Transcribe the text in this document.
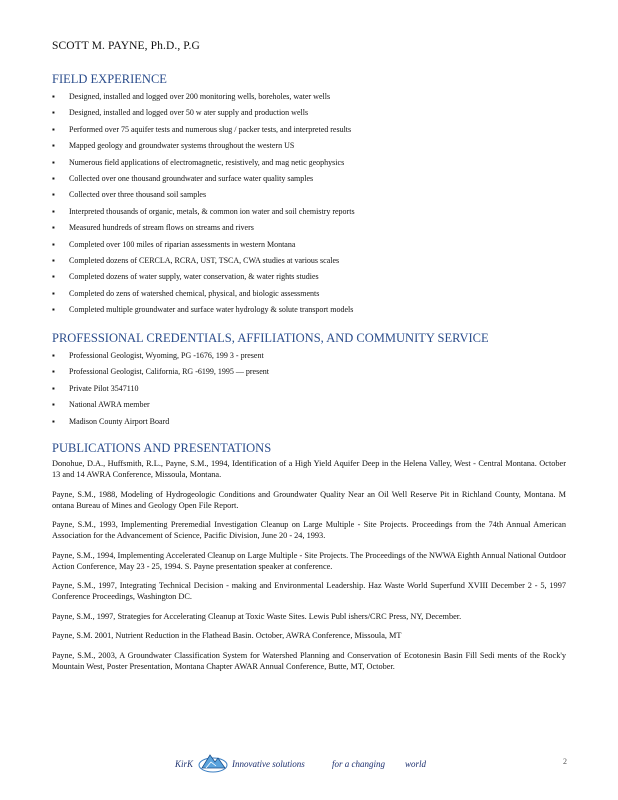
SCOTT M. PAYNE, Ph.D., P.G
FIELD EXPERIENCE
▪ Designed, installed and logged over 200 monitoring wells, boreholes, water wells
▪ Designed, installed and logged over 50 w ater supply and production wells
▪ Performed over 75 aquifer tests and numerous slug / packer tests, and interpreted results
▪ Mapped geology and groundwater systems throughout the western US
▪ Numerous field applications of electromagnetic, resistively, and mag netic geophysics
▪ Collected over one thousand groundwater and surface water quality samples
▪ Collected over three thousand soil samples
▪ Interpreted thousands of organic, metals, & common ion water and soil chemistry reports
▪ Measured hundreds of stream flows on streams and rivers
▪ Completed over 100 miles of riparian assessments in western Montana
▪ Completed dozens of CERCLA, RCRA, UST, TSCA, CWA studies at various scales
▪ Completed dozens of water supply, water conservation, & water rights studies
▪ Completed do zens of watershed chemical, physical, and biologic assessments
▪ Completed multiple groundwater and surface water hydrology & solute transport models
PROFESSIONAL CREDENTIALS, AFFILIATIONS, AND COMMUNITY SERVICE
▪ Professional Geologist, Wyoming, PG -1676, 199 3 - present
▪ Professional Geologist, California, RG -6199, 1995 — present
▪ Private Pilot 3547110
▪ National AWRA member
▪ Madison County Airport Board
PUBLICATIONS AND PRESENTATIONS

Donohue, D.A., Huffsmith, R.L., Payne, S.M., 1994, Identification of a High Yield Aquifer Deep in the Helena Valley, West - Central Montana. October 13 and 14 AWRA Conference, Missoula, Montana.

Payne, S.M., 1988, Modeling of Hydrogeologic Conditions and Groundwater Quality Near an Oil Well Reserve Pit in Richland County, Montana. M ontana Bureau of Mines and Geology Open File Report.

Payne, S.M., 1993, Implementing Preremedial Investigation Cleanup on Large Multiple - Site Projects. Proceedings from the 74th Annual American Association for the Advancement of Science, Pacific Division, June 20 - 24, 1993.

Payne, S.M., 1994, Implementing Accelerated Cleanup on Large Multiple - Site Projects. The Proceedings of the NWWA Eighth Annual National Outdoor Action Conference, May 23 - 25, 1994. S. Payne presentation speaker at conference.

Payne, S.M., 1997, Integrating Technical Decision - making and Environmental Leadership. Haz Waste World Superfund XVIII December 2 - 5, 1997 Conference Proceedings, Washington DC.

Payne, S.M., 1997, Strategies for Accelerating Cleanup at Toxic Waste Sites. Lewis Publ ishers/CRC Press, NY, December.

Payne, S.M. 2001, Nutrient Reduction in the Flathead Basin. October, AWRA Conference, Missoula, MT

Payne, S.M., 2003, A Groundwater Classification System for Watershed Planning and Conservation of Ecotonesin Basin Fill Sedi ments of the Rock'y Mountain West, Poster Presentation, Montana Chapter AWAR Annual Conference, Butte, MT, October.

KirK	Innovative solutions	for a changing world	2
